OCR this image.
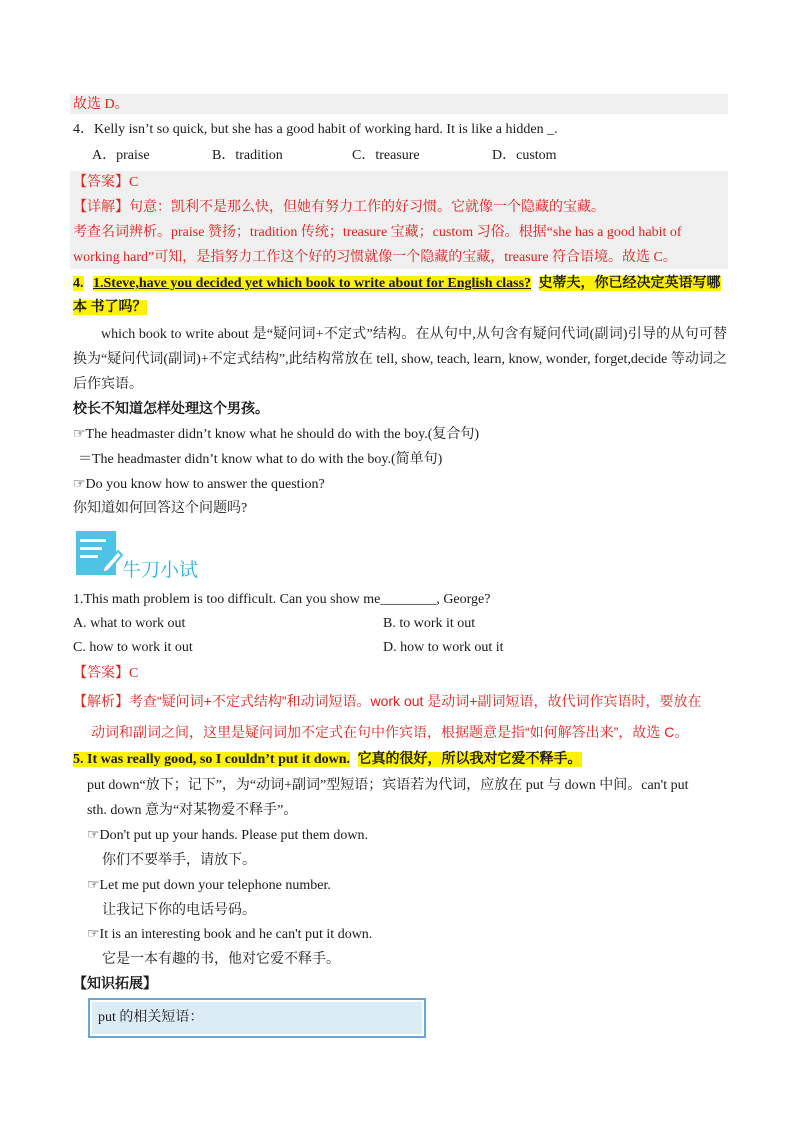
故选 D。
4．Kelly isn’t so quick, but she has a good habit of working hard. It is like a hidden _.
A．praise	B．tradition	C．treasure	D．custom
【答案】C
【详解】句意：凯利不是那么快，但她有努力工作的好习惯。它就像一个隐藏的宝藏。
考查名词辨析。praise 赞扬；tradition 传统；treasure 宝藏；custom 习俗。根据“she has a good habit of
working hard”可知，是指努力工作这个好的习惯就像一个隐藏的宝藏，treasure 符合语境。故选 C。
4. 1.Steve,have you decided yet which book to write about for English class? 史蒂夫，你已经决定英语写哪
本 书了吗？
which book to write about 是“疑问词+不定式”结构。在从句中,从句含有疑问代词(副词)引导的从句可替换为“疑问代词(副词)+不定式结构”,此结构常放在 tell, show, teach, learn, know, wonder, forget,decide 等动词之后作宾语。
校长不知道怎样处理这个男孩。
☞The headmaster didn’t know what he should do with the boy.(复合句)
＝The headmaster didn’t know what to do with the boy.(简单句)
☞Do you know how to answer the question?
你知道如何回答这个问题吗?
牛刀小试
1.This math problem is too difficult. Can you show me________, George?
A. what to work out	B. to work it out
C. how to work it out	D. how to work out it
【答案】C
【解析】考查“疑问词+不定式结构”和动词短语。work out 是动词+副词短语，故代词作宾语时，要放在
动词和副词之间，这里是疑问词加不定式在句中作宾语，根据题意是指“如何解答出来”，故选 C。
5. It was really good, so I couldn’t put it down. 它真的很好，所以我对它爱不释手。
put down“放下；记下”，为“动词+副词”型短语；宾语若为代词，应放在 put 与 down 中间。can't put
sth. down 意为“对某物爱不释手”。
☞Don't put up your hands. Please put them down.
你们不要举手，请放下。
☞Let me put down your telephone number.
让我记下你的电话号码。
☞It is an interesting book and he can't put it down.
它是一本有趣的书，他对它爱不释手。
【知识拓展】
put 的相关短语：
